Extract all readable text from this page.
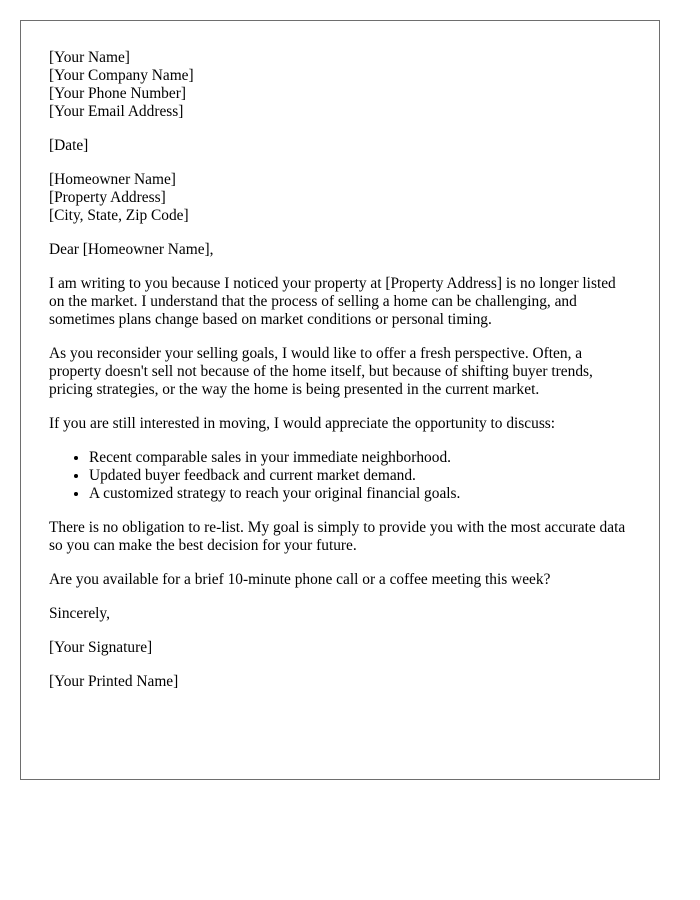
[Your Name]
[Your Company Name]
[Your Phone Number]
[Your Email Address]

[Date]

[Homeowner Name]
[Property Address]
[City, State, Zip Code]

Dear [Homeowner Name],

I am writing to you because I noticed your property at [Property Address] is no longer listed on the market. I understand that the process of selling a home can be challenging, and sometimes plans change based on market conditions or personal timing.

As you reconsider your selling goals, I would like to offer a fresh perspective. Often, a property doesn't sell not because of the home itself, but because of shifting buyer trends, pricing strategies, or the way the home is being presented in the current market.

If you are still interested in moving, I would appreciate the opportunity to discuss:

• Recent comparable sales in your immediate neighborhood.
• Updated buyer feedback and current market demand.
• A customized strategy to reach your original financial goals.

There is no obligation to re-list. My goal is simply to provide you with the most accurate data so you can make the best decision for your future.

Are you available for a brief 10-minute phone call or a coffee meeting this week?

Sincerely,

[Your Signature]

[Your Printed Name]
